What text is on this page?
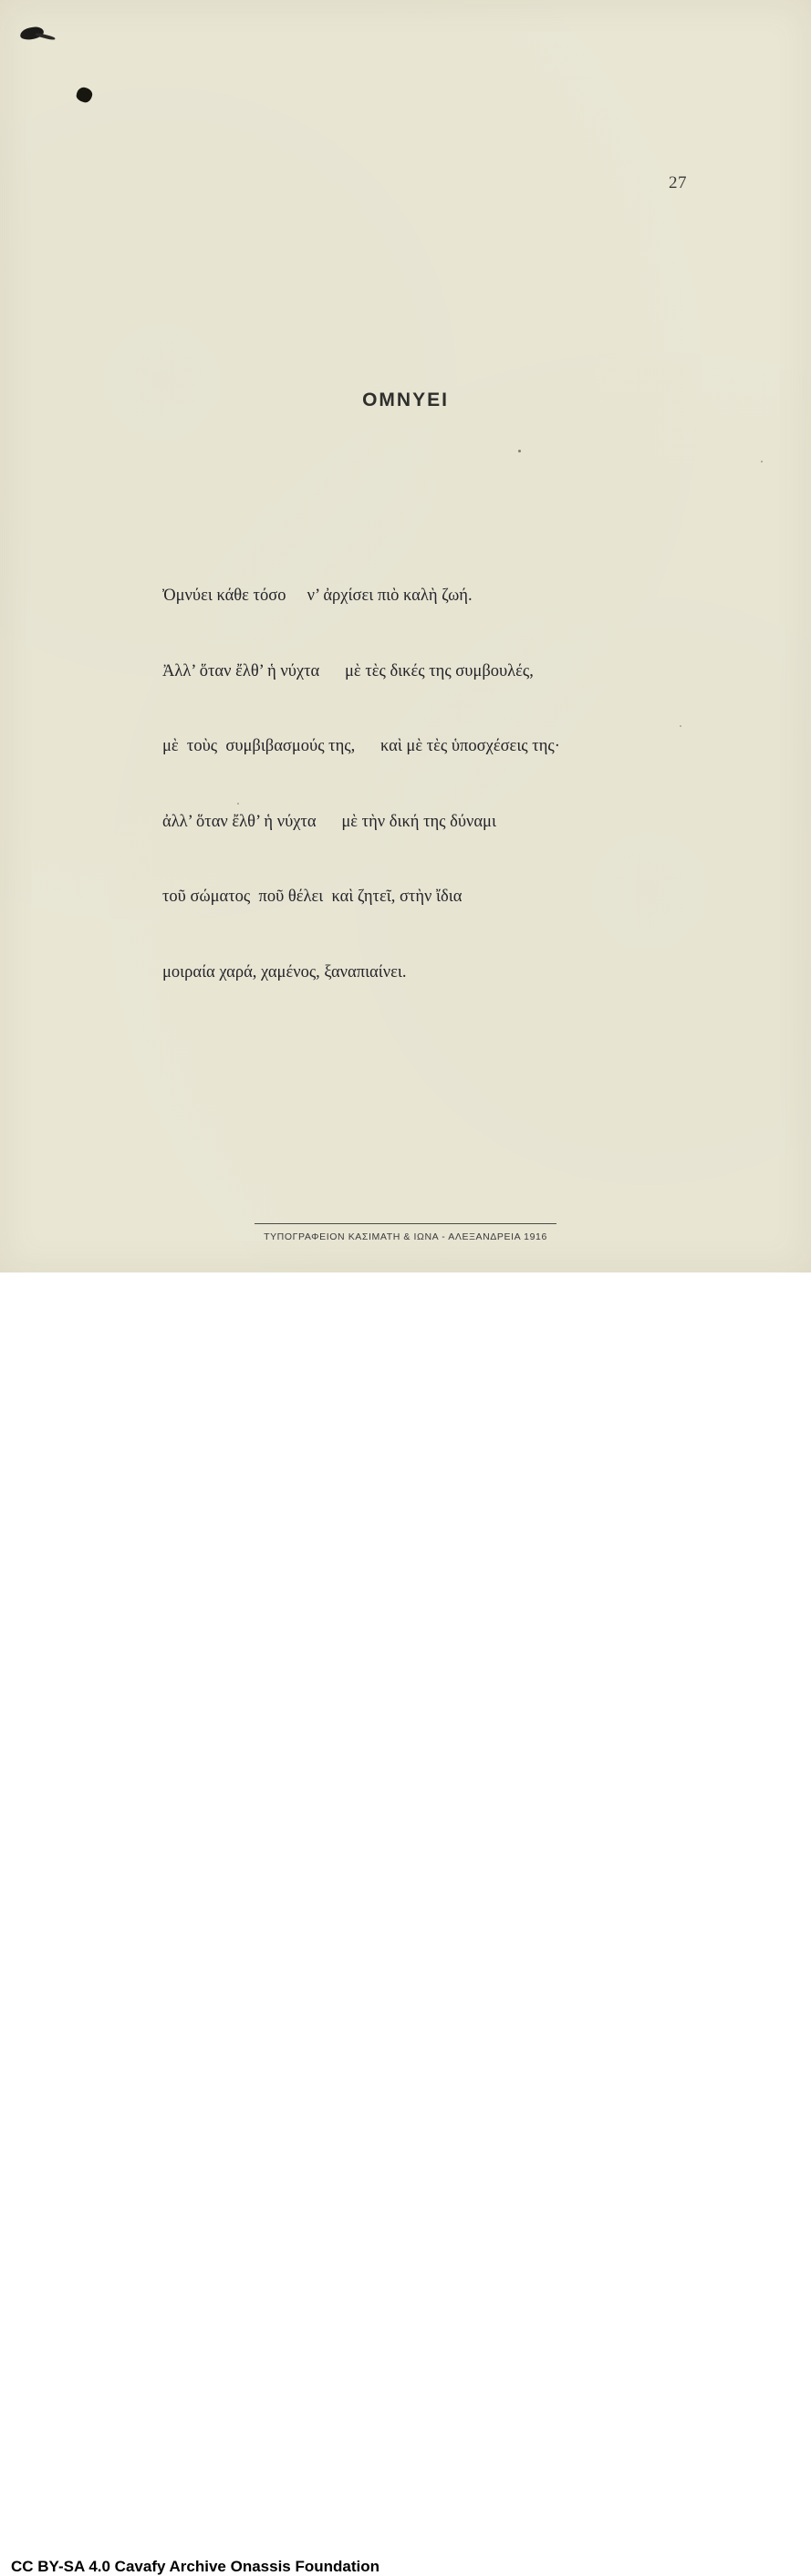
27
OMNYEI

Ὀμνύει κάθε τόσο     ν’ ἀρχίσει πιὸ καλὴ ζωή.

Ἀλλ’ ὅταν ἔλθ’ ἡ νύχτα      μὲ τὲς δικές της συμβουλές,

μὲ  τοὺς  συμβιβασμούς της,      καὶ μὲ τὲς ὑποσχέσεις της·

ἀλλ’ ὅταν ἔλθ’ ἡ νύχτα      μὲ τὴν δική της δύναμι

τοῦ σώματος  ποῦ θέλει  καὶ ζητεῖ, στὴν ἴδια

μοιραία χαρά, χαμένος, ξαναπιαίνει.

ΤΥΠΟΓΡΑΦΕΙΟΝ ΚΑΣΙΜΑΤΗ & ΙΩΝΑ - ΑΛΕΞΑΝΔΡΕΙΑ 1916
CC BY-SA 4.0 Cavafy Archive Onassis Foundation
